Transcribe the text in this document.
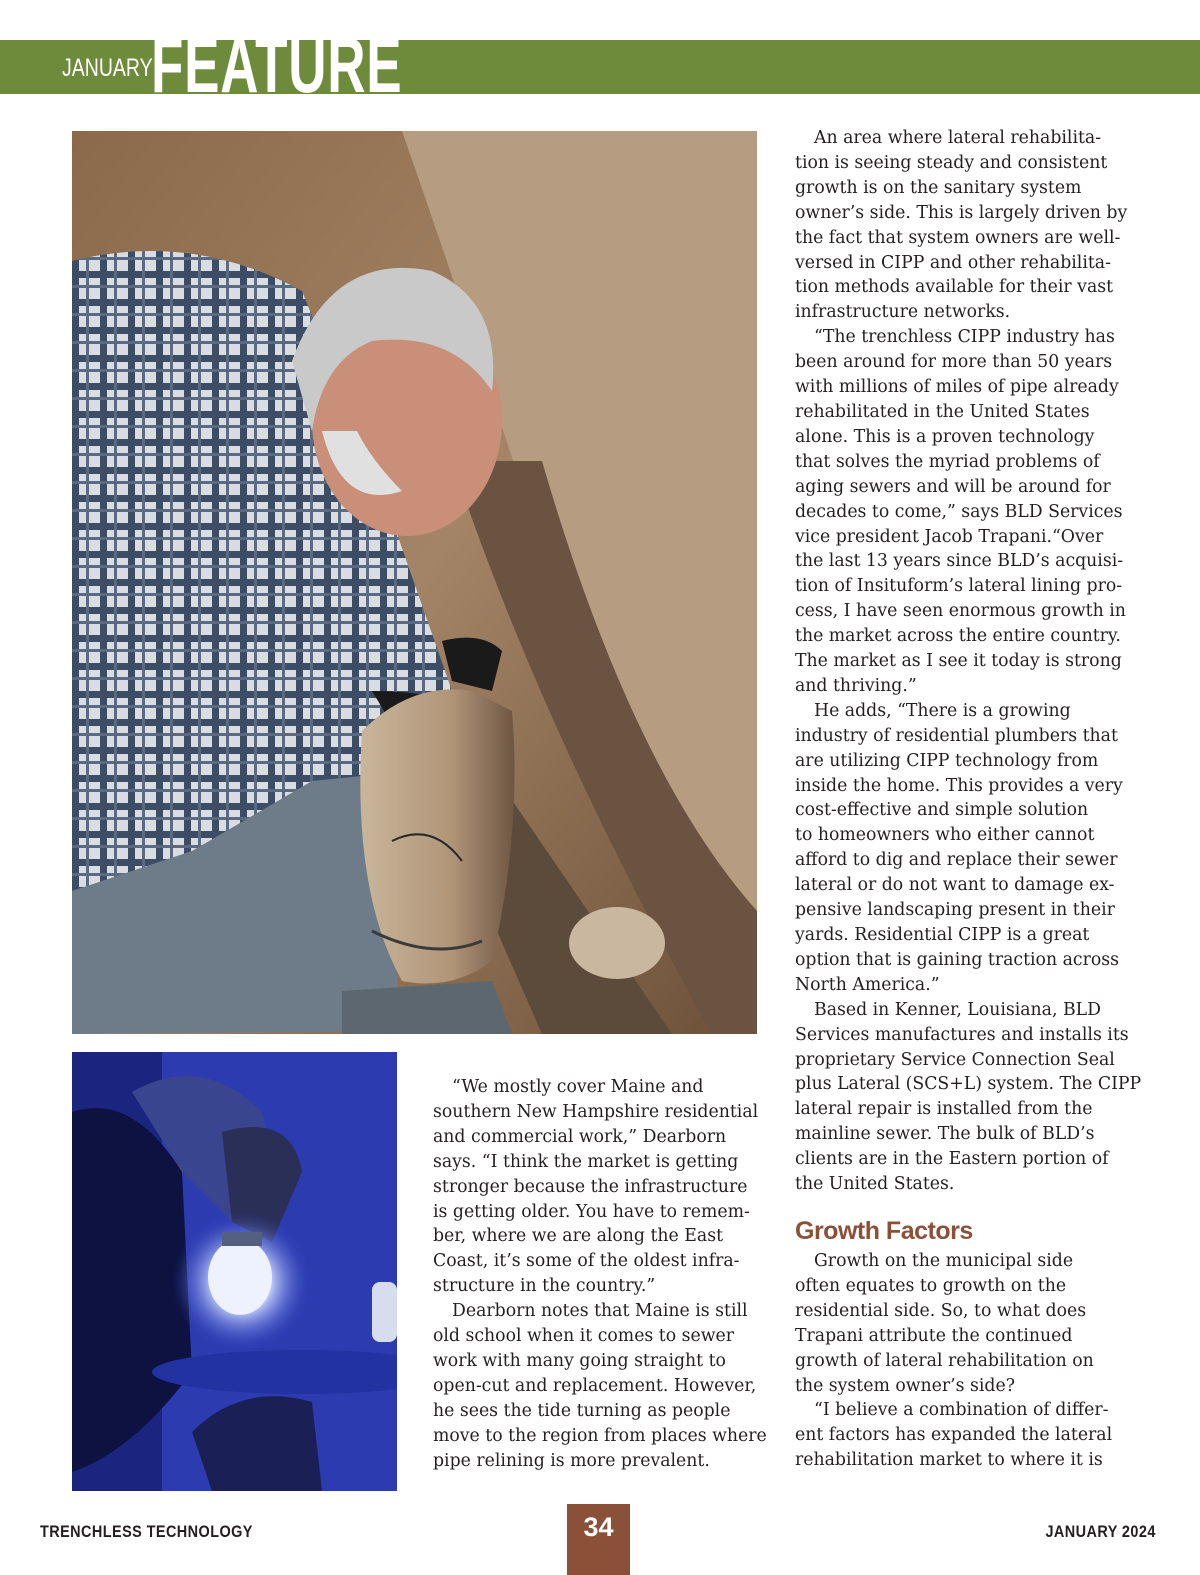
JANUARY
FEATURE

“We mostly cover Maine and
southern New Hampshire residential
and commercial work,” Dearborn
says. “I think the market is getting
stronger because the infrastructure
is getting older. You have to remem-
ber, where we are along the East
Coast, it’s some of the oldest infra-
structure in the country.”

Dearborn notes that Maine is still
old school when it comes to sewer
work with many going straight to
open-cut and replacement. However,
he sees the tide turning as people
move to the region from places where
pipe relining is more prevalent.

An area where lateral rehabilita-
tion is seeing steady and consistent
growth is on the sanitary system
owner’s side. This is largely driven by
the fact that system owners are well-
versed in CIPP and other rehabilita-
tion methods available for their vast
infrastructure networks.

“The trenchless CIPP industry has
been around for more than 50 years
with millions of miles of pipe already
rehabilitated in the United States
alone. This is a proven technology
that solves the myriad problems of
aging sewers and will be around for
decades to come,” says BLD Services
vice president Jacob Trapani.“Over
the last 13 years since BLD’s acquisi-
tion of Insituform’s lateral lining pro-
cess, I have seen enormous growth in
the market across the entire country.
The market as I see it today is strong
and thriving.”

He adds, “There is a growing
industry of residential plumbers that
are utilizing CIPP technology from
inside the home. This provides a very
cost-effective and simple solution
to homeowners who either cannot
afford to dig and replace their sewer
lateral or do not want to damage ex-
pensive landscaping present in their
yards. Residential CIPP is a great
option that is gaining traction across
North America.”

Based in Kenner, Louisiana, BLD
Services manufactures and installs its
proprietary Service Connection Seal
plus Lateral (SCS+L) system. The CIPP
lateral repair is installed from the
mainline sewer. The bulk of BLD’s
clients are in the Eastern portion of
the United States.

Growth Factors

Growth on the municipal side
often equates to growth on the
residential side. So, to what does
Trapani attribute the continued
growth of lateral rehabilitation on
the system owner’s side?

“I believe a combination of differ-
ent factors has expanded the lateral
rehabilitation market to where it is

TRENCHLESS TECHNOLOGY	34	JANUARY 2024
